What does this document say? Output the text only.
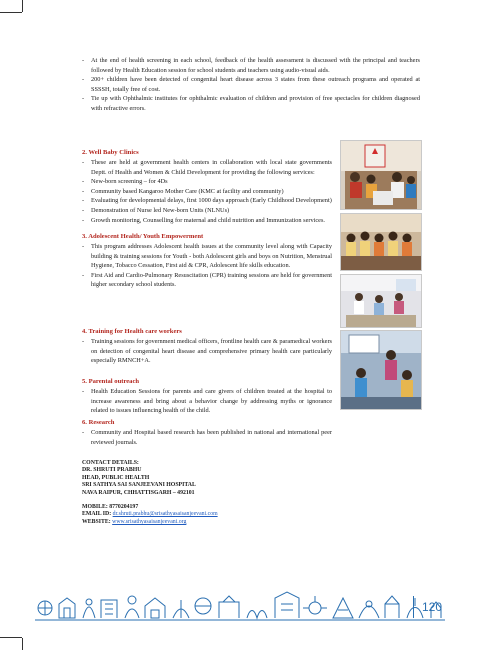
- At the end of health screening in each school, feedback of the health assessment is discussed with the principal and teachers followed by Health Education session for school students and teachers using audio-visual aids.
- 200+ children have been detected of congenital heart disease across 3 states from these outreach programs and operated at SSSSH, totally free of cost.
- Tie up with Ophthalmic institutes for ophthalmic evaluation of children and provision of free spectacles for children diagnosed with refractive errors.
2. Well Baby Clinics
- These are held at government health centers in collaboration with local state governments Deptt. of Health and Women & Child Development for providing the following services:
- New-born screening – for 4Ds
- Community based Kangaroo Mother Care (KMC at facility and community)
- Evaluating for developmental delays, first 1000 days approach (Early Childhood Development)
- Demonstration of Nurse led New-born Units (NLNUs)
- Growth monitoring, Counselling for maternal and child nutrition and Immunization services.
3. Adolescent Health/ Youth Empowerment
- This program addresses Adolescent health issues at the community level along with Capacity building & training sessions for Youth - both Adolescent girls and boys on Nutrition, Menstrual Hygiene, Tobacco Cessation, First aid & CPR, Adolescent life skills education.
- First Aid and Cardio-Pulmonary Resuscitation (CPR) training sessions are held for government higher secondary school students.
4. Training for Health care workers
- Training sessions for government medical officers, frontline health care & paramedical workers on detection of congenital heart disease and comprehensive primary health care particularly especially RMNCH+A.
5. Parental outreach
- Health Education Sessions for parents and care givers of children treated at the hospital to increase awareness and bring about a behavior change by addressing myths or ignorance related to issues influencing health of the child.
6. Research
- Community and Hospital based research has been published in national and international peer reviewed journals.
CONTACT DETAILS:
DR. SHRUTI PRABHU
HEAD, PUBLIC HEALTH
SRI SATHYA SAI SANJEEVANI HOSPITAL
NAVA RAIPUR, CHHATTISGARH – 492101
MOBILE: 8770204197
EMAIL ID: dr.shruti.prabhu@srisathyasaisanjeevani.com
WEBSITE: www.srisathyasaisanjeevani.org
120
